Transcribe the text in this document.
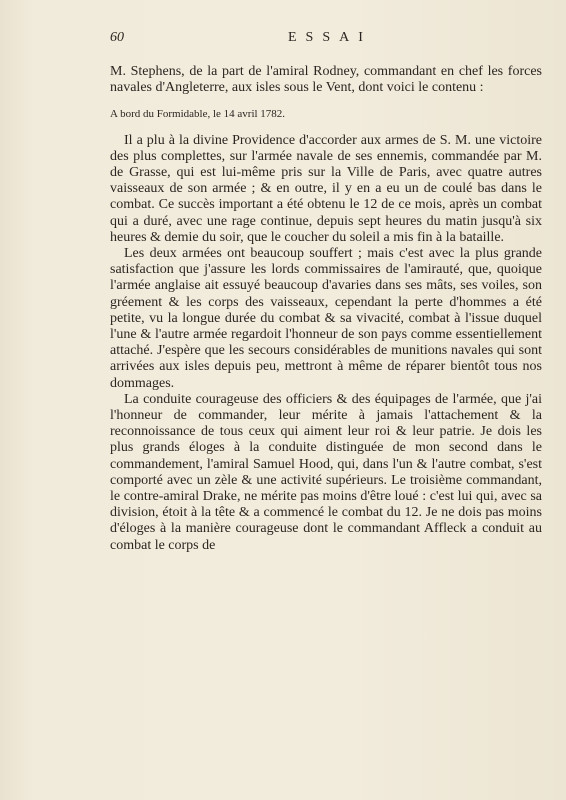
60	ESSAI

M. Stephens, de la part de l'amiral Rodney, commandant en chef les forces navales d'Angleterre, aux isles sous le Vent, dont voici le contenu :

A bord du Formidable, le 14 avril 1782.

Il a plu à la divine Providence d'accorder aux armes de S. M. une victoire des plus complettes, sur l'armée navale de ses ennemis, commandée par M. de Grasse, qui est lui-même pris sur la Ville de Paris, avec quatre autres vaisseaux de son armée ; & en outre, il y en a eu un de coulé bas dans le combat. Ce succès important a été obtenu le 12 de ce mois, après un combat qui a duré, avec une rage continue, depuis sept heures du matin jusqu'à six heures & demie du soir, que le coucher du soleil a mis fin à la bataille.

Les deux armées ont beaucoup souffert ; mais c'est avec la plus grande satisfaction que j'assure les lords commissaires de l'amirauté, que, quoique l'armée anglaise ait essuyé beaucoup d'avaries dans ses mâts, ses voiles, son gréement & les corps des vaisseaux, cependant la perte d'hommes a été petite, vu la longue durée du combat & sa vivacité, combat à l'issue duquel l'une & l'autre armée regardoit l'honneur de son pays comme essentiellement attaché. J'espère que les secours considérables de munitions navales qui sont arrivées aux isles depuis peu, mettront à même de réparer bientôt tous nos dommages.

La conduite courageuse des officiers & des équipages de l'armée, que j'ai l'honneur de commander, leur mérite à jamais l'attachement & la reconnoissance de tous ceux qui aiment leur roi & leur patrie. Je dois les plus grands éloges à la conduite distinguée de mon second dans le commandement, l'amiral Samuel Hood, qui, dans l'un & l'autre combat, s'est comporté avec un zèle & une activité supérieurs. Le troisième commandant, le contre-amiral Drake, ne mérite pas moins d'être loué : c'est lui qui, avec sa division, étoit à la tête & a commencé le combat du 12. Je ne dois pas moins d'éloges à la manière courageuse dont le commandant Affleck a conduit au combat le corps de
